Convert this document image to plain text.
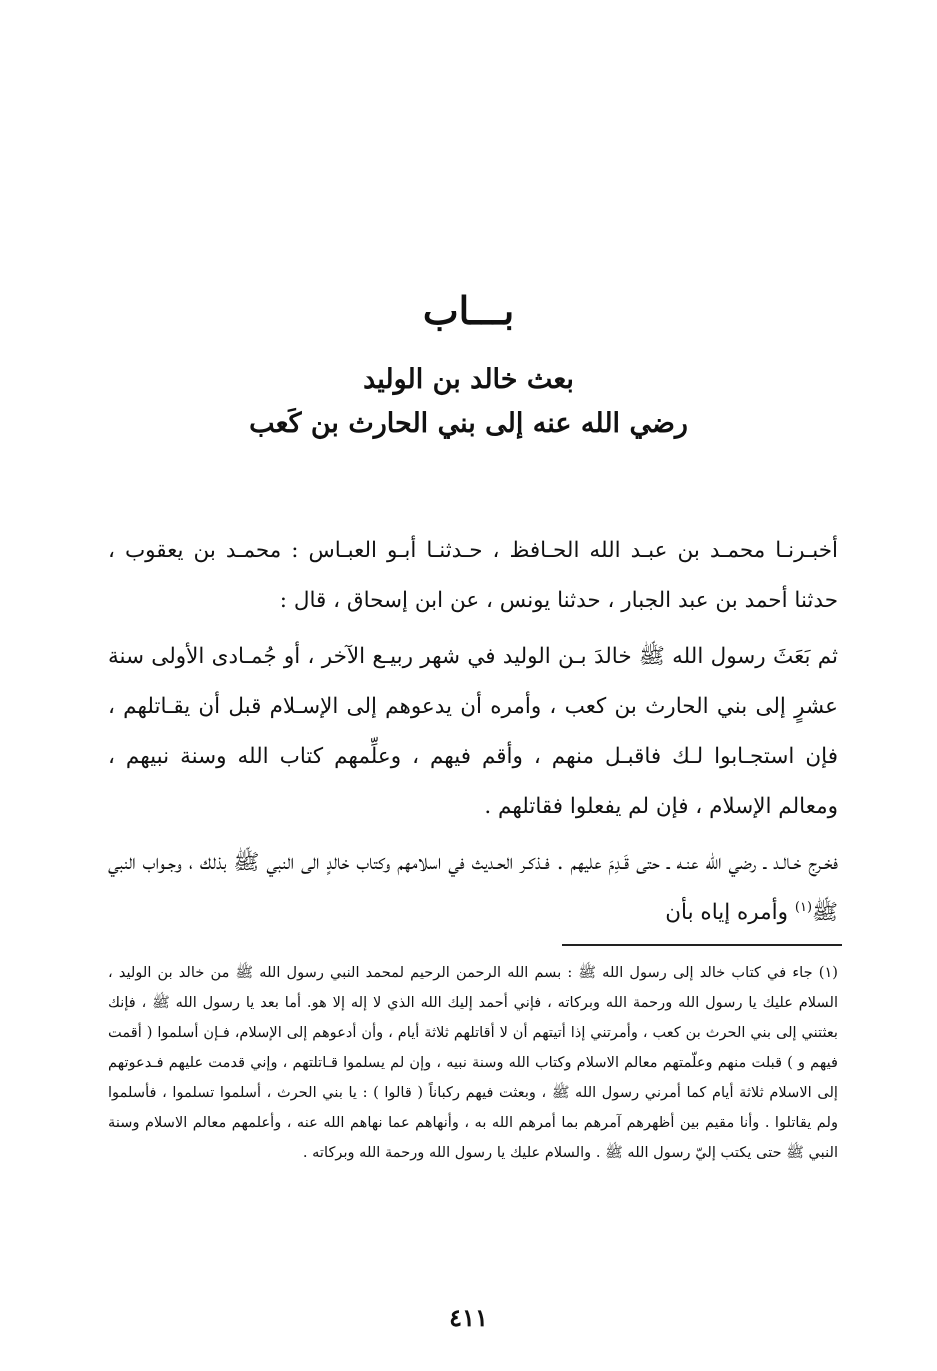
بـــاب
بعث خالد بن الوليد
رضي الله عنه إلى بني الحارث بن كَعب

أخبـرنـا محمـد بن عبـد الله الحـافظ ، حـدثنـا أبـو العبـاس : محمـد بن يعقوب ، حدثنا أحمد بن عبد الجبار ، حدثنا يونس ، عن ابن إسحاق ، قال :

ثم بَعَثَ رسول الله ﷺ خالدَ بـن الوليد في شهر ربيـع الآخر ، أو جُمـادى الأولى سنة عشرٍ إلى بني الحارث بن كعب ، وأمره أن يدعوهم إلى الإسـلام قبل أن يقـاتلهم ، فإن استجـابوا لـك فاقبـل منهم ، وأقم فيهم ، وعلِّمهم كتاب الله وسنة نبيهم ، ومعالم الإسلام ، فإن لم يفعلوا فقاتلهم .

فخـرج خـالـد ـ رضي الله عنـه ـ حتى قَـدِمَ عليهم . فـذكـر الحـديث في اسلامهم وكتاب خالدٍ الى النبي ﷺ بذلك ، وجـواب النبي ﷺ$^{(١)}$ وأمره إياه بأن

(١) جاء في كتاب خالد إلى رسول الله ﷺ : بسم الله الرحمن الرحيم لمحمد النبي رسول الله ﷺ من خالد بن الوليد ، السلام عليك يا رسول الله ورحمة الله وبركاته ، فإني أحمد إليك الله الذي لا إله إلا هو. أما بعد يا رسول الله ﷺ ، فإنك بعثتني إلى بني الحرث بن كعب ، وأمرتني إذا أتيتهم أن لا أقاتلهم ثلاثة أيام ، وأن أدعوهم إلى الإسلام، فـإن أسلموا ( أقمت فيهم و ) قبلت منهم وعلّمتهم معالم الاسلام وكتاب الله وسنة نبيه ، وإن لم يسلموا قـاتلتهم ، وإني قدمت عليهم فـدعوتهم إلى الاسلام ثلاثة أيام كما أمرني رسول الله ﷺ ، وبعثت فيهم ركباناً ( قالوا ) : يا بني الحرث ، أسلموا تسلموا ، فأسلموا ولم يقاتلوا . وأنا مقيم بين أظهرهم آمرهم بما أمرهم الله به ، وأنهاهم عما نهاهم الله عنه ، وأعلمهم معالم الاسلام وسنة النبي ﷺ حتى يكتب إليّ رسول الله ﷺ . والسلام عليك يا رسول الله ورحمة الله وبركاته .

٤١١
